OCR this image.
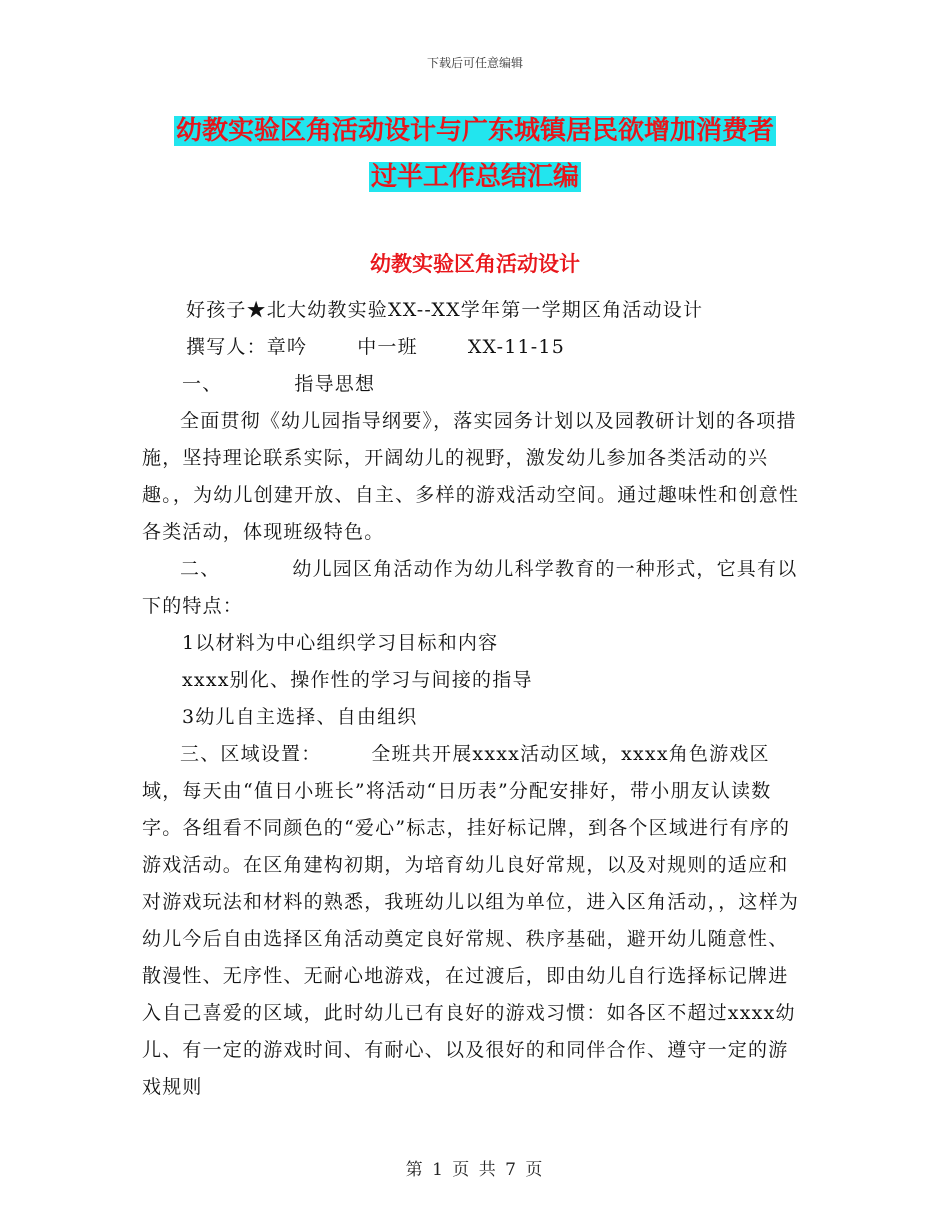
下载后可任意编辑
幼教实验区角活动设计与广东城镇居民欲增加消费者
过半工作总结汇编
幼教实验区角活动设计

好孩子★北大幼教实验XX--XX学年第一学期区角活动设计

撰写人：章吟	中一班	XX-11-15

一、	指导思想

全面贯彻《幼儿园指导纲要》，落实园务计划以及园教研计划的各项措施，坚持理论联系实际，开阔幼儿的视野，激发幼儿参加各类活动的兴趣。，为幼儿创建开放、自主、多样的游戏活动空间。通过趣味性和创意性各类活动，体现班级特色。

二、	幼儿园区角活动作为幼儿科学教育的一种形式，它具有以下的特点：

1以材料为中心组织学习目标和内容

xxxx别化、操作性的学习与间接的指导

3幼儿自主选择、自由组织

三、区域设置：	全班共开展xxxx活动区域，xxxx角色游戏区域，每天由“值日小班长”将活动“日历表”分配安排好，带小朋友认读数字。各组看不同颜色的“爱心”标志，挂好标记牌，到各个区域进行有序的游戏活动。在区角建构初期，为培育幼儿良好常规，以及对规则的适应和对游戏玩法和材料的熟悉，我班幼儿以组为单位，进入区角活动，，这样为幼儿今后自由选择区角活动奠定良好常规、秩序基础，避开幼儿随意性、散漫性、无序性、无耐心地游戏，在过渡后，即由幼儿自行选择标记牌进入自己喜爱的区域，此时幼儿已有良好的游戏习惯：如各区不超过xxxx幼儿、有一定的游戏时间、有耐心、以及很好的和同伴合作、遵守一定的游戏规则

第 1 页 共 7 页
